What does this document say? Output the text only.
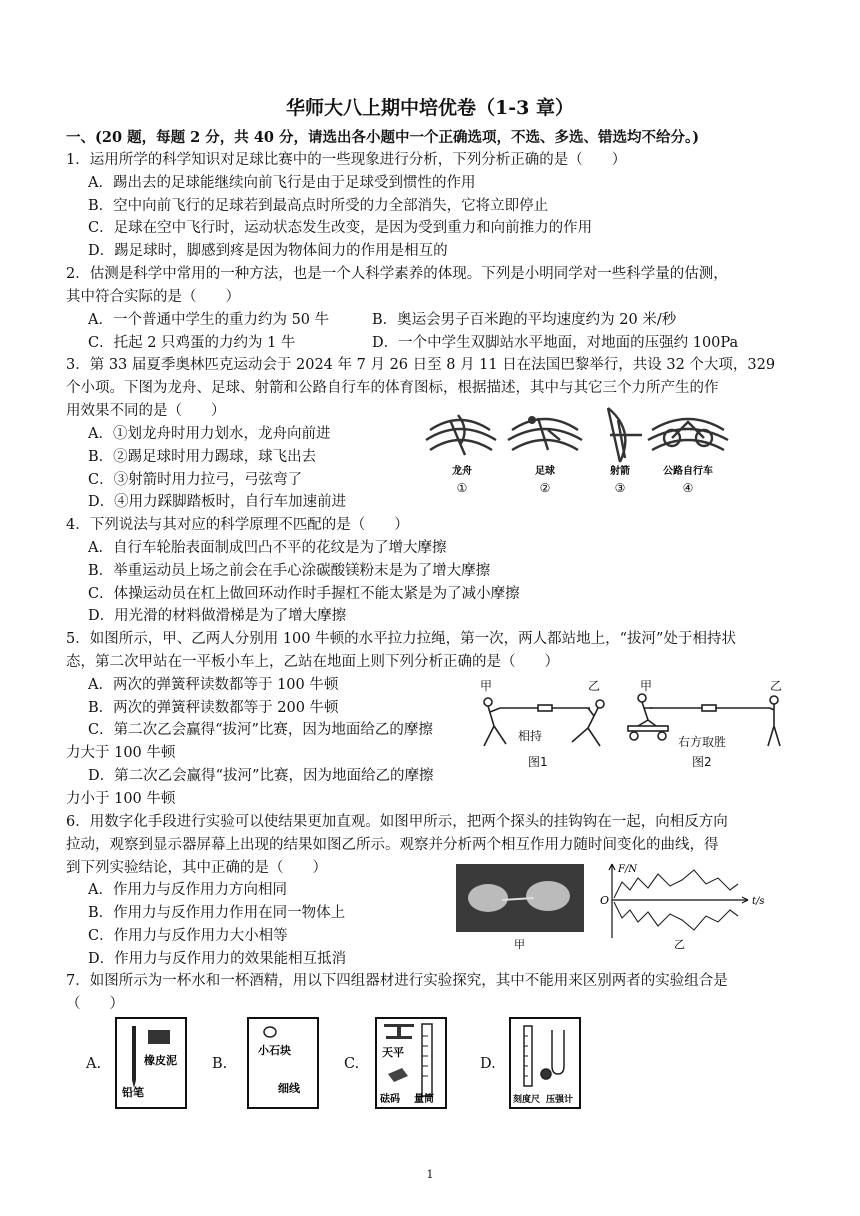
华师大八上期中培优卷（1-3 章）
一、(20 题，每题 2 分，共 40 分，请选出各小题中一个正确选项，不选、多选、错选均不给分。)
1．运用所学的科学知识对足球比赛中的一些现象进行分析，下列分析正确的是（　　）
A．踢出去的足球能继续向前飞行是由于足球受到惯性的作用
B．空中向前飞行的足球若到最高点时所受的力全部消失，它将立即停止
C．足球在空中飞行时，运动状态发生改变，是因为受到重力和向前推力的作用
D．踢足球时，脚感到疼是因为物体间力的作用是相互的
2．估测是科学中常用的一种方法，也是一个人科学素养的体现。下列是小明同学对一些科学量的估测，
其中符合实际的是（　　）
A．一个普通中学生的重力约为 50 牛	B．奥运会男子百米跑的平均速度约为 20 米/秒
C．托起 2 只鸡蛋的力约为 1 牛	D．一个中学生双脚站水平地面，对地面的压强约 100Pa
3．第 33 届夏季奥林匹克运动会于 2024 年 7 月 26 日至 8 月 11 日在法国巴黎举行，共设 32 个大项，329
个小项。下图为龙舟、足球、射箭和公路自行车的体育图标，根据描述，其中与其它三个力所产生的作
用效果不同的是（　　）
A．①划龙舟时用力划水，龙舟向前进
B．②踢足球时用力踢球，球飞出去
C．③射箭时用力拉弓，弓弦弯了
D．④用力踩脚踏板时，自行车加速前进
龙舟
①
足球
②
射箭
③
公路自行车
④
4．下列说法与其对应的科学原理不匹配的是（　　）
A．自行车轮胎表面制成凹凸不平的花纹是为了增大摩擦
B．举重运动员上场之前会在手心涂碳酸镁粉末是为了增大摩擦
C．体操运动员在杠上做回环动作时手握杠不能太紧是为了减小摩擦
D．用光滑的材料做滑梯是为了增大摩擦
5．如图所示，甲、乙两人分别用 100 牛顿的水平拉力拉绳，第一次，两人都站地上，“拔河”处于相持状
态，第二次甲站在一平板小车上，乙站在地面上则下列分析正确的是（　　）
A．两次的弹簧秤读数都等于 100 牛顿
B．两次的弹簧秤读数都等于 200 牛顿
C．第二次乙会赢得“拔河”比赛，因为地面给乙的摩擦
力大于 100 牛顿
D．第二次乙会赢得“拔河”比赛，因为地面给乙的摩擦
力小于 100 牛顿
甲	乙
相持
图1
甲	乙
右方取胜
图2
6．用数字化手段进行实验可以使结果更加直观。如图甲所示，把两个探头的挂钩钩在一起，向相反方向
拉动，观察到显示器屏幕上出现的结果如图乙所示。观察并分析两个相互作用力随时间变化的曲线，得
到下列实验结论，其中正确的是（　　）
A．作用力与反作用力方向相同
B．作用力与反作用力作用在同一物体上
C．作用力与反作用力大小相等
D．作用力与反作用力的效果能相互抵消
甲
F/N
t/s
O
乙
7．如图所示为一杯水和一杯酒精，用以下四组器材进行实验探究，其中不能用来区别两者的实验组合是
（　　）
A.	B.	C.	D.
橡皮泥
铅笔
小石块
细线
天平
砝码 量筒	刻度尺 压强计
1
